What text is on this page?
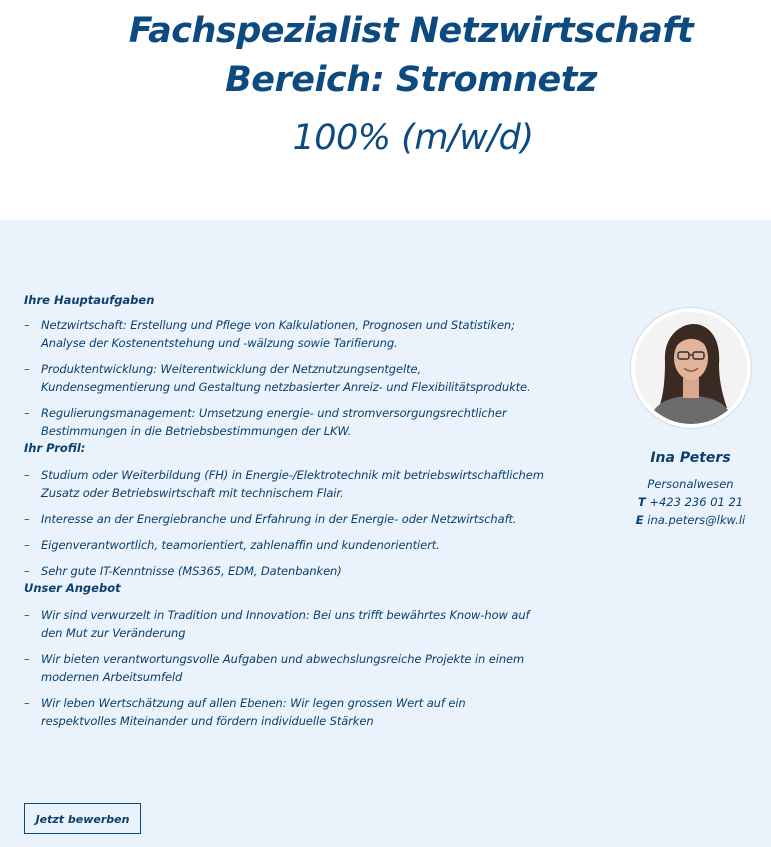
Fachspezialist Netzwirtschaft
Bereich: Stromnetz
100% (m/w/d)
Ihre Hauptaufgaben
– Netzwirtschaft: Erstellung und Pflege von Kalkulationen, Prognosen und Statistiken; Analyse der Kostenentstehung und -wälzung sowie Tarifierung.
– Produktentwicklung: Weiterentwicklung der Netznutzungsentgelte, Kundensegmentierung und Gestaltung netzbasierter Anreiz- und Flexibilitätsprodukte.
– Regulierungsmanagement: Umsetzung energie- und stromversorgungsrechtlicher Bestimmungen in die Betriebsbestimmungen der LKW.
Ihr Profil:
– Studium oder Weiterbildung (FH) in Energie-/Elektrotechnik mit betriebswirtschaftlichem Zusatz oder Betriebswirtschaft mit technischem Flair.
– Interesse an der Energiebranche und Erfahrung in der Energie- oder Netzwirtschaft.
– Eigenverantwortlich, teamorientiert, zahlenaffin und kundenorientiert.
– Sehr gute IT-Kenntnisse (MS365, EDM, Datenbanken)
Unser Angebot
– Wir sind verwurzelt in Tradition und Innovation: Bei uns trifft bewährtes Know-how auf den Mut zur Veränderung
– Wir bieten verantwortungsvolle Aufgaben und abwechslungsreiche Projekte in einem modernen Arbeitsumfeld
– Wir leben Wertschätzung auf allen Ebenen: Wir legen grossen Wert auf ein respektvolles Miteinander und fördern individuelle Stärken
Jetzt bewerben
Ina Peters
Personalwesen
T +423 236 01 21
E ina.peters@lkw.li
